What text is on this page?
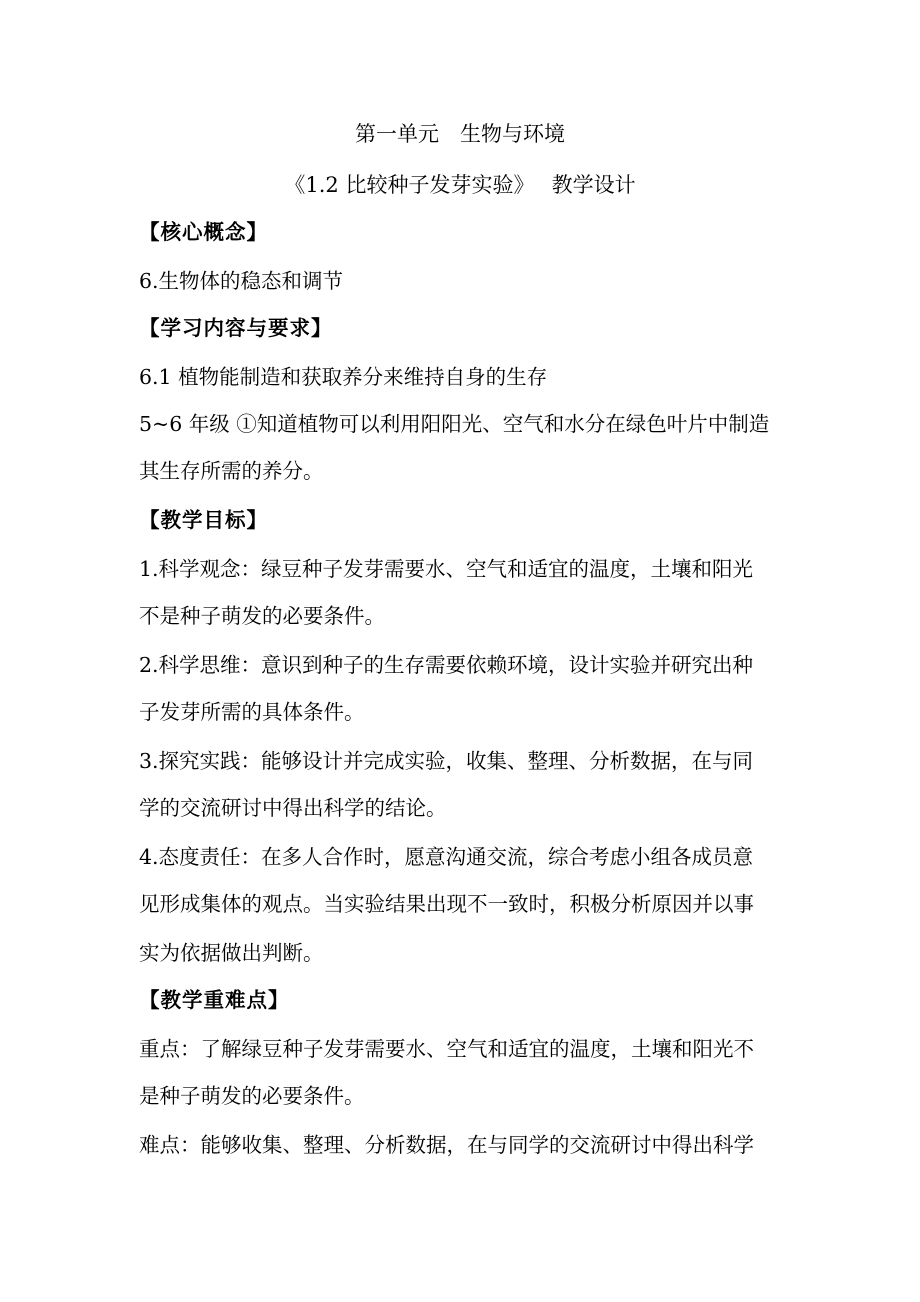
第一单元　生物与环境
《1.2 比较种子发芽实验》　 教学设计
【核心概念】
6.生物体的稳态和调节
【学习内容与要求】
6.1 植物能制造和获取养分来维持自身的生存
5~6 年级 ①知道植物可以利用阳阳光、空气和水分在绿色叶片中制造
其生存所需的养分。
【教学目标】
1.科学观念：绿豆种子发芽需要水、空气和适宜的温度，土壤和阳光
不是种子萌发的必要条件。
2.科学思维：意识到种子的生存需要依赖环境，设计实验并研究出种
子发芽所需的具体条件。
3.探究实践：能够设计并完成实验，收集、整理、分析数据，在与同
学的交流研讨中得出科学的结论。
4.态度责任：在多人合作时，愿意沟通交流，综合考虑小组各成员意
见形成集体的观点。当实验结果出现不一致时，积极分析原因并以事
实为依据做出判断。
【教学重难点】
重点：了解绿豆种子发芽需要水、空气和适宜的温度，土壤和阳光不
是种子萌发的必要条件。
难点：能够收集、整理、分析数据，在与同学的交流研讨中得出科学
